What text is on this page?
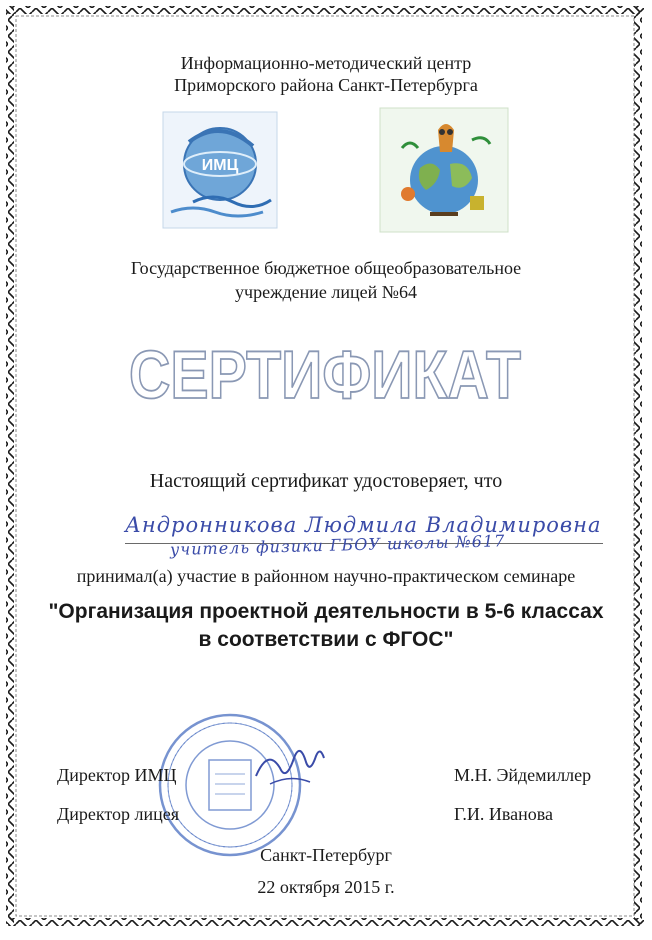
Информационно-методический центр
Приморского района Санкт-Петербурга
ИМЦ
Государственное бюджетное общеобразовательное
учреждение лицей №64
СЕРТИФИКАТ
Настоящий сертификат удостоверяет, что
Андронникова Людмила Владимировна
учитель физики ГБОУ школы №617
принимал(а) участие в районном научно-практическом семинаре
"Организация проектной деятельности в 5-6 классах
в соответствии с ФГОС"
Директор ИМЦ	М.Н. Эйдемиллер
Директор лицея	Г.И. Иванова
Санкт-Петербург
22 октября 2015 г.
